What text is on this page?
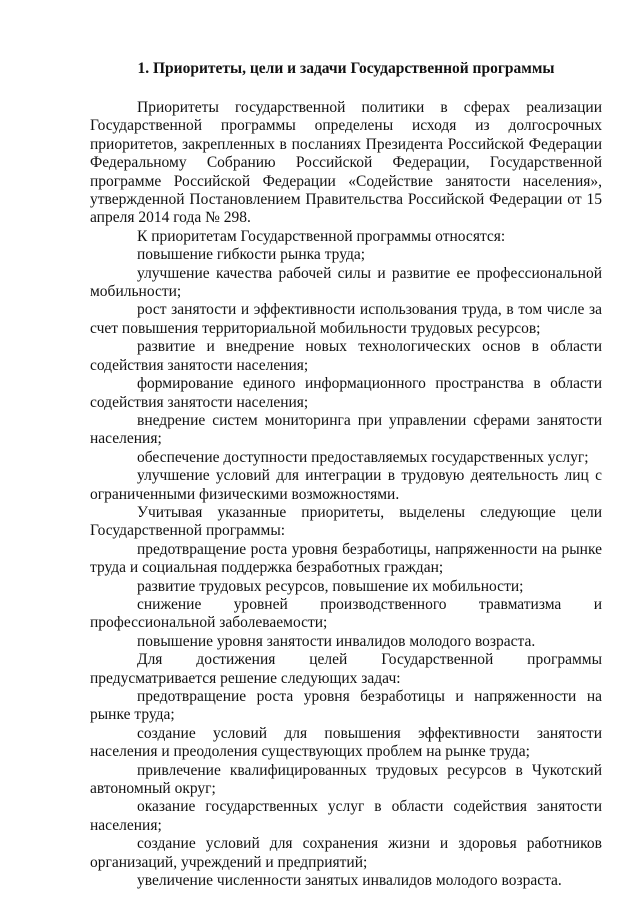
1. Приоритеты, цели и задачи Государственной программы

Приоритеты государственной политики в сферах реализации Государственной программы определены исходя из долгосрочных приоритетов, закрепленных в посланиях Президента Российской Федерации Федеральному Собранию Российской Федерации, Государственной программе Российской Федерации «Содействие занятости населения», утвержденной Постановлением Правительства Российской Федерации от 15 апреля 2014 года № 298.

К приоритетам Государственной программы относятся:

повышение гибкости рынка труда;

улучшение качества рабочей силы и развитие ее профессиональной мобильности;

рост занятости и эффективности использования труда, в том числе за счет повышения территориальной мобильности трудовых ресурсов;

развитие и внедрение новых технологических основ в области содействия занятости населения;

формирование единого информационного пространства в области содействия занятости населения;

внедрение систем мониторинга при управлении сферами занятости населения;

обеспечение доступности предоставляемых государственных услуг;

улучшение условий для интеграции в трудовую деятельность лиц с ограниченными физическими возможностями.

Учитывая указанные приоритеты, выделены следующие цели Государственной программы:

предотвращение роста уровня безработицы, напряженности на рынке труда и социальная поддержка безработных граждан;

развитие трудовых ресурсов, повышение их мобильности;

снижение уровней производственного травматизма и профессиональной заболеваемости;

повышение уровня занятости инвалидов молодого возраста.

Для достижения целей Государственной программы предусматривается решение следующих задач:

предотвращение роста уровня безработицы и напряженности на рынке труда;

создание условий для повышения эффективности занятости населения и преодоления существующих проблем на рынке труда;

привлечение квалифицированных трудовых ресурсов в Чукотский автономный округ;

оказание государственных услуг в области содействия занятости населения;

создание условий для сохранения жизни и здоровья работников организаций, учреждений и предприятий;

увеличение численности занятых инвалидов молодого возраста.
